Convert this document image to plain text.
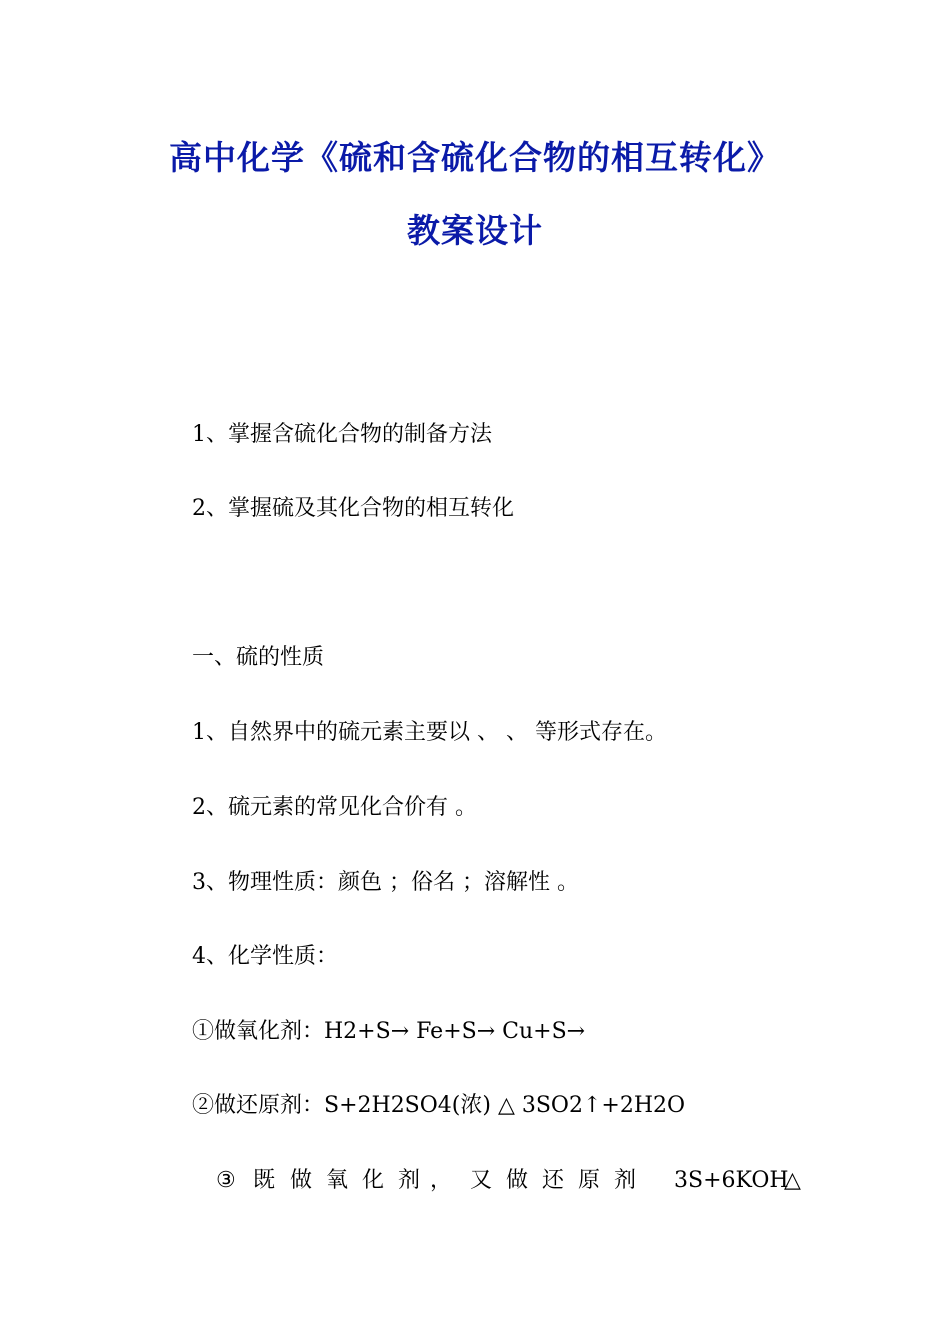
高中化学《硫和含硫化合物的相互转化》
教案设计
1、掌握含硫化合物的制备方法
2、掌握硫及其化合物的相互转化
一、硫的性质
1、自然界中的硫元素主要以 、 、 等形式存在。
2、硫元素的常见化合价有 。
3、物理性质：颜色 ；俗名 ；溶解性 。
4、化学性质：
①做氧化剂：H2+S→ Fe+S→ Cu+S→
②做还原剂：S+2H2SO4(浓) △ 3SO2↑+2H2O
③ 既 做 氧 化 剂 ， 又 做 还 原 剂 3S+6KOH
△
